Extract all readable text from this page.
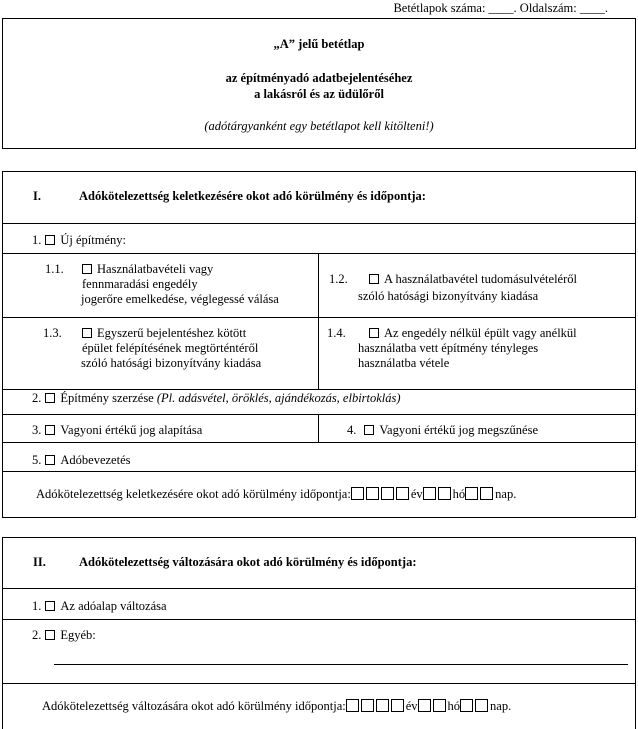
Betétlapok száma: ____. Oldalszám: ____.
„A” jelű betétlap
az építményadó adatbejelentéséhez
a lakásról és az üdülőről
(adótárgyanként egy betétlapot kell kitölteni!)
I.	Adókötelezettség keletkezésére okot adó körülmény és időpontja:
1. Új építmény:
1.1.	Használatbavételi vagy
fennmaradási engedély
jogerőre emelkedése, véglegessé válása
1.2.	A használatbavétel tudomásulvételéről
szóló hatósági bizonyítvány kiadása
1.3.	Egyszerű bejelentéshez kötött
épület felépítésének megtörténtéről
szóló hatósági bizonyítvány kiadása
1.4.	Az engedély nélkül épült vagy anélkül
használatba vett építmény tényleges
használatba vétele
2. Építmény szerzése (Pl. adásvétel, öröklés, ajándékozás, elbirtoklás)
3. Vagyoni értékű jog alapítása	4. Vagyoni értékű jog megszűnése
5. Adóbevezetés
Adókötelezettség keletkezésére okot adó körülmény időpontja:	év hó nap.
II.	Adókötelezettség változására okot adó körülmény és időpontja:
1. Az adóalap változása
2. Egyéb:
Adókötelezettség változására okot adó körülmény időpontja:	év hó nap.
